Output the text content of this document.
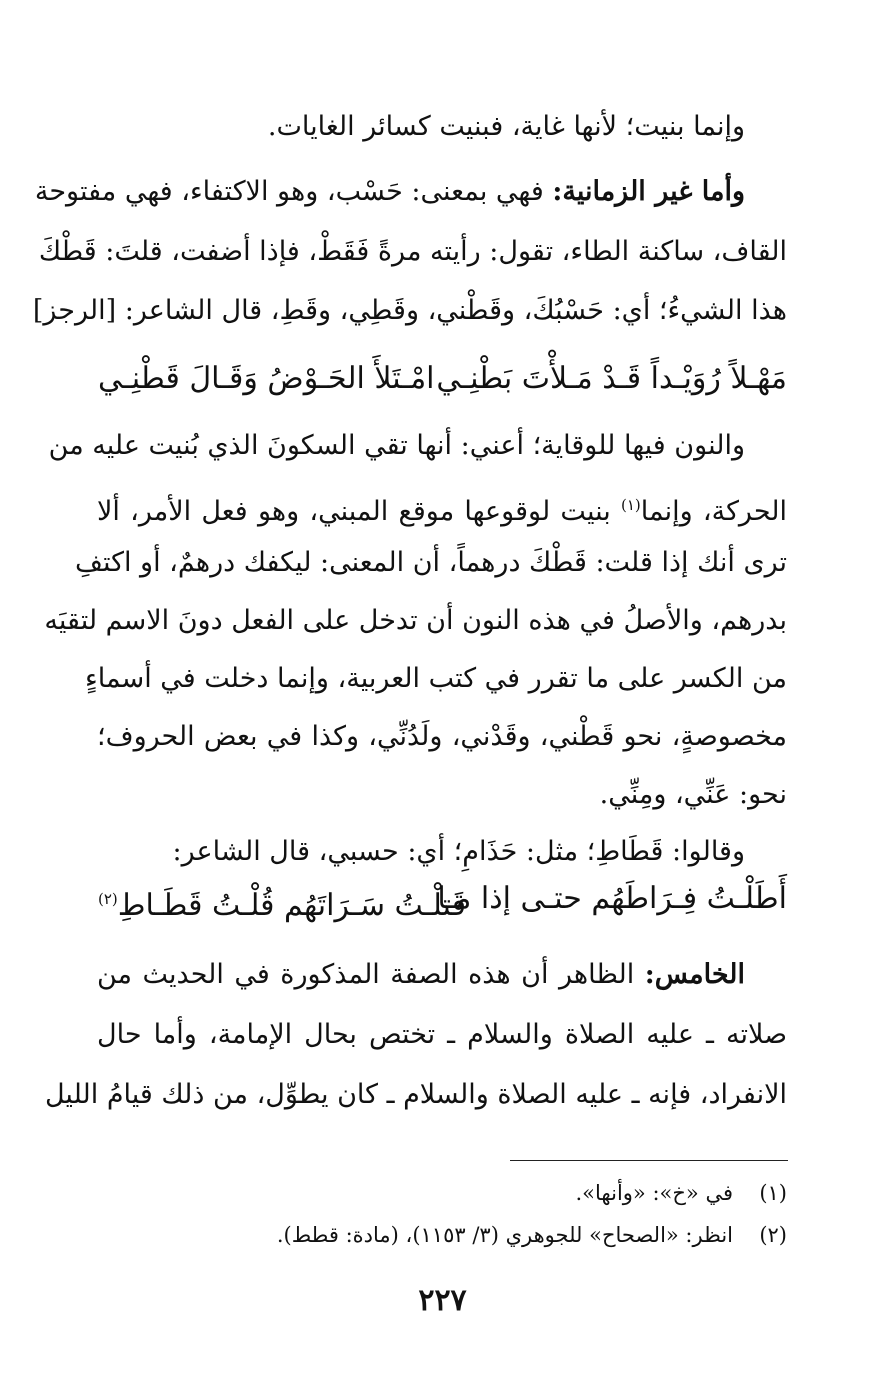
وإنما بنيت؛ لأنها غاية، فبنيت كسائر الغايات.
وأما غير الزمانية: فهي بمعنى: حَسْب، وهو الاكتفاء، فهي مفتوحة
القاف، ساكنة الطاء، تقول: رأيته مرةً فَقَطْ، فإذا أضفت، قلتَ: قَطْكَ
هذا الشيءُ؛ أي: حَسْبُكَ، وقَطْني، وقَطِي، وقَطِ، قال الشاعر: [الرجز]
مَهْـلاً رُوَيْـداً قَـدْ مَـلأْتَ بَطْنِـي
امْـتَلأَ الحَـوْضُ وَقَـالَ قَطْنِـي
والنون فيها للوقاية؛ أعني: أنها تقي السكونَ الذي بُنيت عليه من
الحركة، وإنما$^{(١)}$ بنيت لوقوعها موقع المبني، وهو فعل الأمر، ألا
ترى أنك إذا قلت: قَطْكَ درهماً، أن المعنى: ليكفك درهمٌ، أو اكتفِ
بدرهم، والأصلُ في هذه النون أن تدخل على الفعل دونَ الاسم لتقيَه
من الكسر على ما تقرر في كتب العربية، وإنما دخلت في أسماءٍ
مخصوصةٍ، نحو قَطْني، وقَدْني، ولَدُنِّي، وكذا في بعض الحروف؛
نحو: عَنِّي، ومِنِّي.
وقالوا: قَطَاطِ؛ مثل: حَذَامِ؛ أي: حسبي، قال الشاعر:
أَطَلْـتُ فِـرَاطَهُم حتـى إذا مـا
قَتلْـتُ سَـرَاتَهُم قُلْـتُ قَطَـاطِ$^{(٢)}$
الخامس: الظاهر أن هذه الصفة المذكورة في الحديث من
صلاته ـ عليه الصلاة والسلام ـ تختص بحال الإمامة، وأما حال
الانفراد، فإنه ـ عليه الصلاة والسلام ـ كان يطوِّل، من ذلك قيامُ الليل
(١)في «خ»: «وأنها».
(٢)انظر: «الصحاح» للجوهري (٣/ ١١٥٣)، (مادة: قطط).
٢٢٧
